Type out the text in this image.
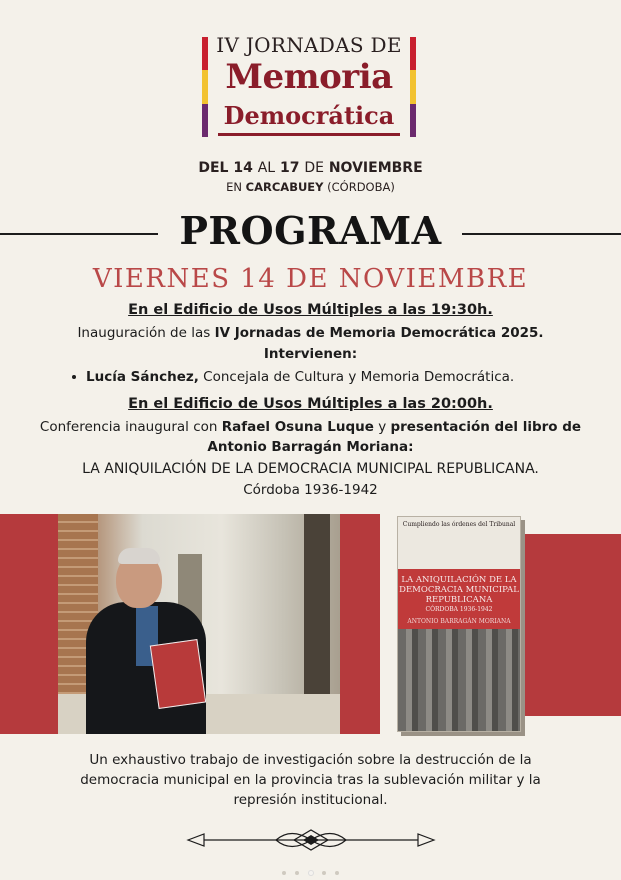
IV JORNADAS DE
Memoria
Democrática
DEL 14 AL 17 DE NOVIEMBRE
EN CARCABUEY (CÓRDOBA)
PROGRAMA
VIERNES 14 DE NOVIEMBRE
En el Edificio de Usos Múltiples a las 19:30h.
Inauguración de las IV Jornadas de Memoria Democrática 2025.
Intervienen:
Lucía Sánchez, Concejala de Cultura y Memoria Democrática.
En el Edificio de Usos Múltiples a las 20:00h.
Conferencia inaugural con Rafael Osuna Luque y presentación del libro de
Antonio Barragán Moriana:
LA ANIQUILACIÓN DE LA DEMOCRACIA MUNICIPAL REPUBLICANA.
Córdoba 1936-1942
Cumpliendo las órdenes del Tribunal
LA ANIQUILACIÓN DE LA
DEMOCRACIA MUNICIPAL
REPUBLICANA
CÓRDOBA 1936-1942
ANTONIO BARRAGÁN MORIANA
Un exhaustivo trabajo de investigación sobre la destrucción de la democracia municipal en la provincia tras la sublevación militar y la represión institucional.
